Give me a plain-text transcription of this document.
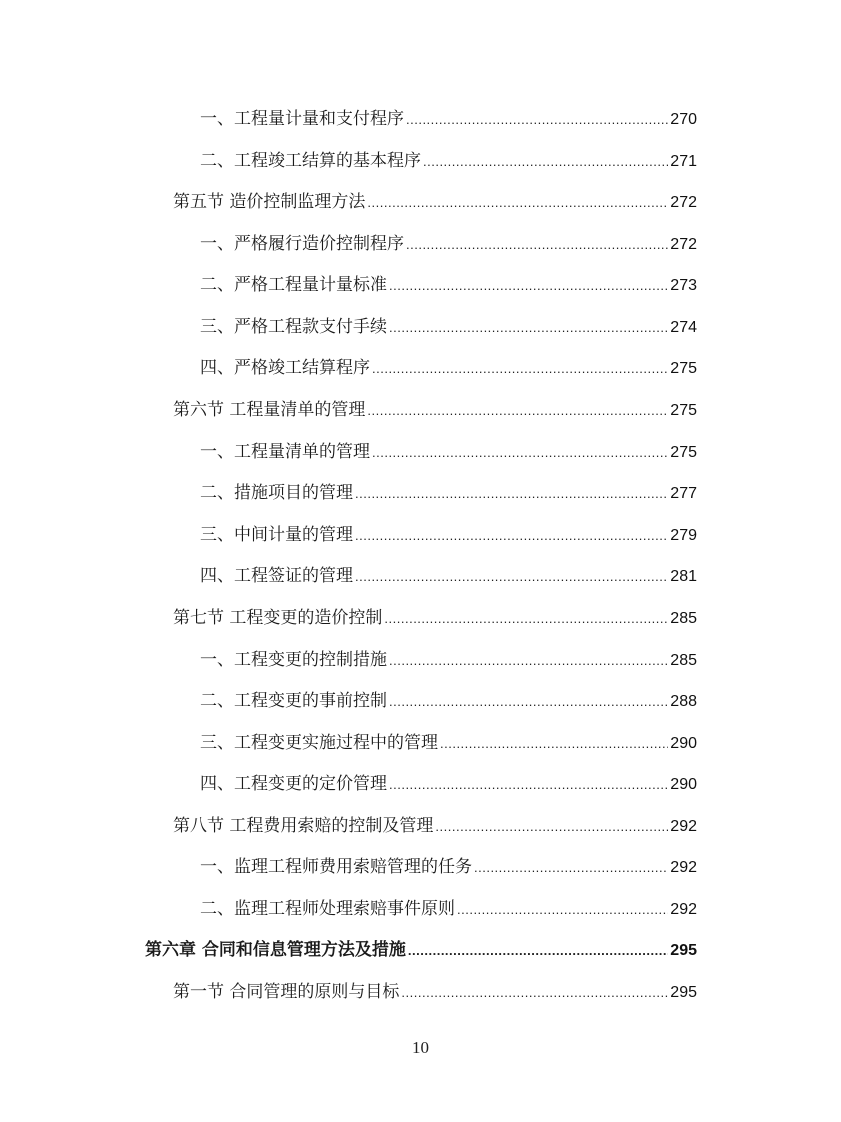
一、工程量计量和支付程序 .....	270
二、工程竣工结算的基本程序 .....	271
第五节 造价控制监理方法 .....	272
一、严格履行造价控制程序 .....	272
二、严格工程量计量标准 .....	273
三、严格工程款支付手续 .....	274
四、严格竣工结算程序 .....	275
第六节 工程量清单的管理 .....	275
一、工程量清单的管理 .....	275
二、措施项目的管理 .....	277
三、中间计量的管理 .....	279
四、工程签证的管理 .....	281
第七节 工程变更的造价控制 .....	285
一、工程变更的控制措施 .....	285
二、工程变更的事前控制 .....	288
三、工程变更实施过程中的管理 .....	290
四、工程变更的定价管理 .....	290
第八节 工程费用索赔的控制及管理 .....	292
一、监理工程师费用索赔管理的任务 .....	292
二、监理工程师处理索赔事件原则 .....	292
第六章 合同和信息管理方法及措施 .....	295
第一节 合同管理的原则与目标 .....	295
10
